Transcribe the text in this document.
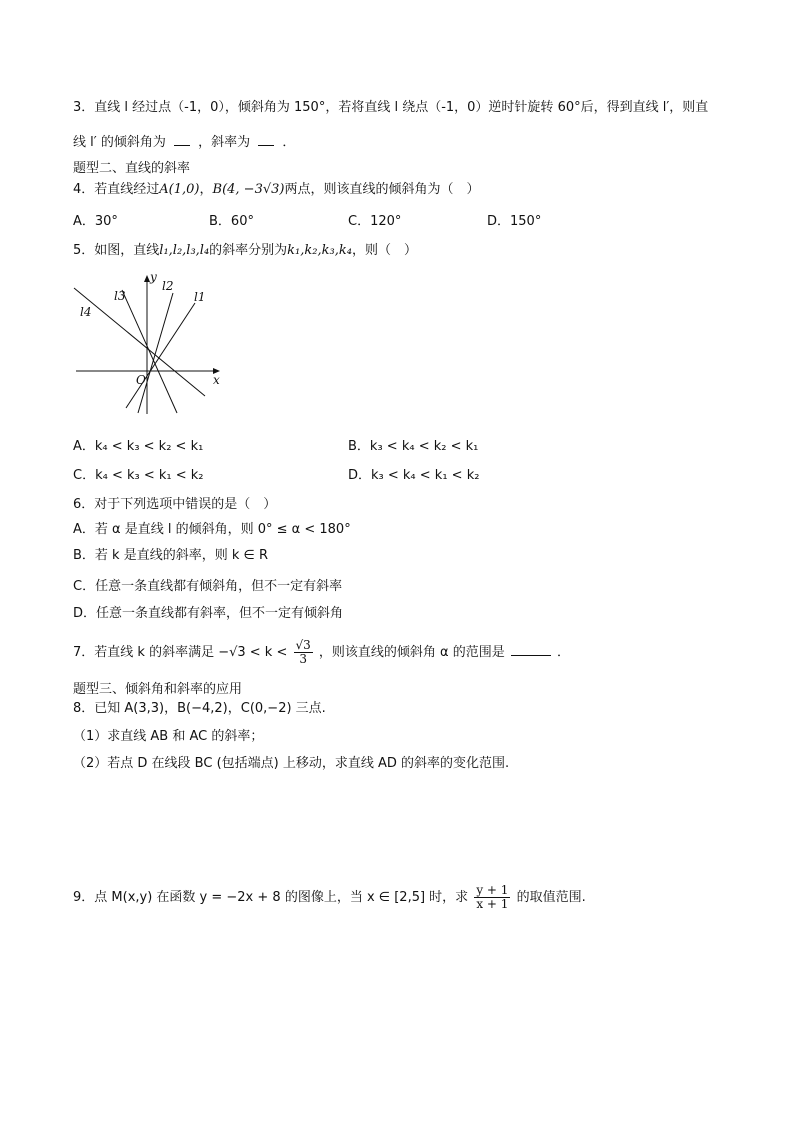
3．直线 l 经过点（-1，0），倾斜角为 150°，若将直线 l 绕点（-1，0）逆时针旋转 60°后，得到直线 l′，则直
线 l′ 的倾斜角为 ，斜率为 ．
题型二、直线的斜率
4．若直线经过A(1,0)，B(4, −3√3)两点，则该直线的倾斜角为（　）
A．30°	B．60°	C．120°	D．150°
5．如图，直线l₁,l₂,l₃,l₄的斜率分别为k₁,k₂,k₃,k₄，则（　）
y
x
O
l1
l2
l3
l4
A．k₄ < k₃ < k₂ < k₁	B．k₃ < k₄ < k₂ < k₁
C．k₄ < k₃ < k₁ < k₂	D．k₃ < k₄ < k₁ < k₂
6．对于下列选项中错误的是（　）
A．若 α 是直线 l 的倾斜角，则 0° ≤ α < 180°
B．若 k 是直线的斜率，则 k ∈ R
C．任意一条直线都有倾斜角，但不一定有斜率
D．任意一条直线都有斜率，但不一定有倾斜角
7．若直线 k 的斜率满足 $-√3 < k < \frac{√3}{3}$ ，则该直线的倾斜角 α 的范围是	．
题型三、倾斜角和斜率的应用
8．已知 A(3,3)，B(−4,2)，C(0,−2) 三点.
（1）求直线 AB 和 AC 的斜率；
（2）若点 D 在线段 BC (包括端点) 上移动，求直线 AD 的斜率的变化范围.
9．点 M(x,y) 在函数 y = −2x + 8 的图像上，当 x ∈ [2,5] 时，求 $\frac{y + 1}{x + 1}$ 的取值范围.
